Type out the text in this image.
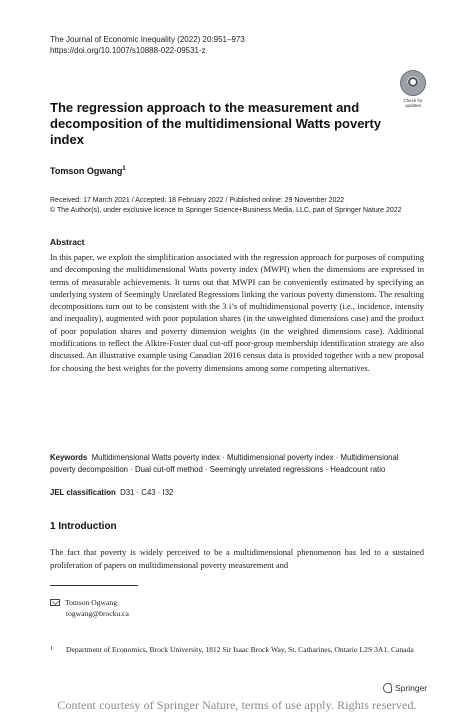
The Journal of Economic Inequality (2022) 20:951–973
https://doi.org/10.1007/s10888-022-09531-z
Check for
updates
The regression approach to the measurement and decomposition of the multidimensional Watts poverty index
Tomson Ogwang$^1$
Received: 17 March 2021 / Accepted: 18 February 2022 / Published online: 29 November 2022
© The Author(s), under exclusive licence to Springer Science+Business Media, LLC, part of Springer Nature 2022
Abstract

In this paper, we exploit the simplification associated with the regression approach for purposes of computing and decomposing the multidimensional Watts poverty index (MWPI) when the dimensions are expressed in terms of measurable achievements. It turns out that MWPI can be conveniently estimated by specifying an underlying system of Seemingly Unrelated Regressions linking the various poverty dimensions. The resulting decompositions turn out to be consistent with the 3 i’s of multidimensional poverty (i.e., incidence, intensity and inequality), augmented with poor population shares (in the unweighted dimensions case) and the product of poor population shares and poverty dimension weights (in the weighted dimensions case). Additional modifications to reflect the Alkire-Foster dual cut-off poor-group membership identification strategy are also discussed. An illustrative example using Canadian 2016 census data is provided together with a new proposal for choosing the best weights for the poverty dimensions among some competing alternatives.

Keywords Multidimensional Watts poverty index · Multidimensional poverty index · Multidimensional poverty decomposition · Dual cut-off method · Seemingly unrelated regressions · Headcount ratio

JEL classification D31 · C43 · I32
1 Introduction

The fact that poverty is widely perceived to be a multidimensional phenomenon has led to a sustained proliferation of papers on multidimensional poverty measurement and

Tomson Ogwang
togwang@brocku.ca
1	Department of Economics, Brock University, 1812 Sir Isaac Brock Way, St. Catharines, Ontario L2S 3A1, Canada
Springer
Content courtesy of Springer Nature, terms of use apply. Rights reserved.
